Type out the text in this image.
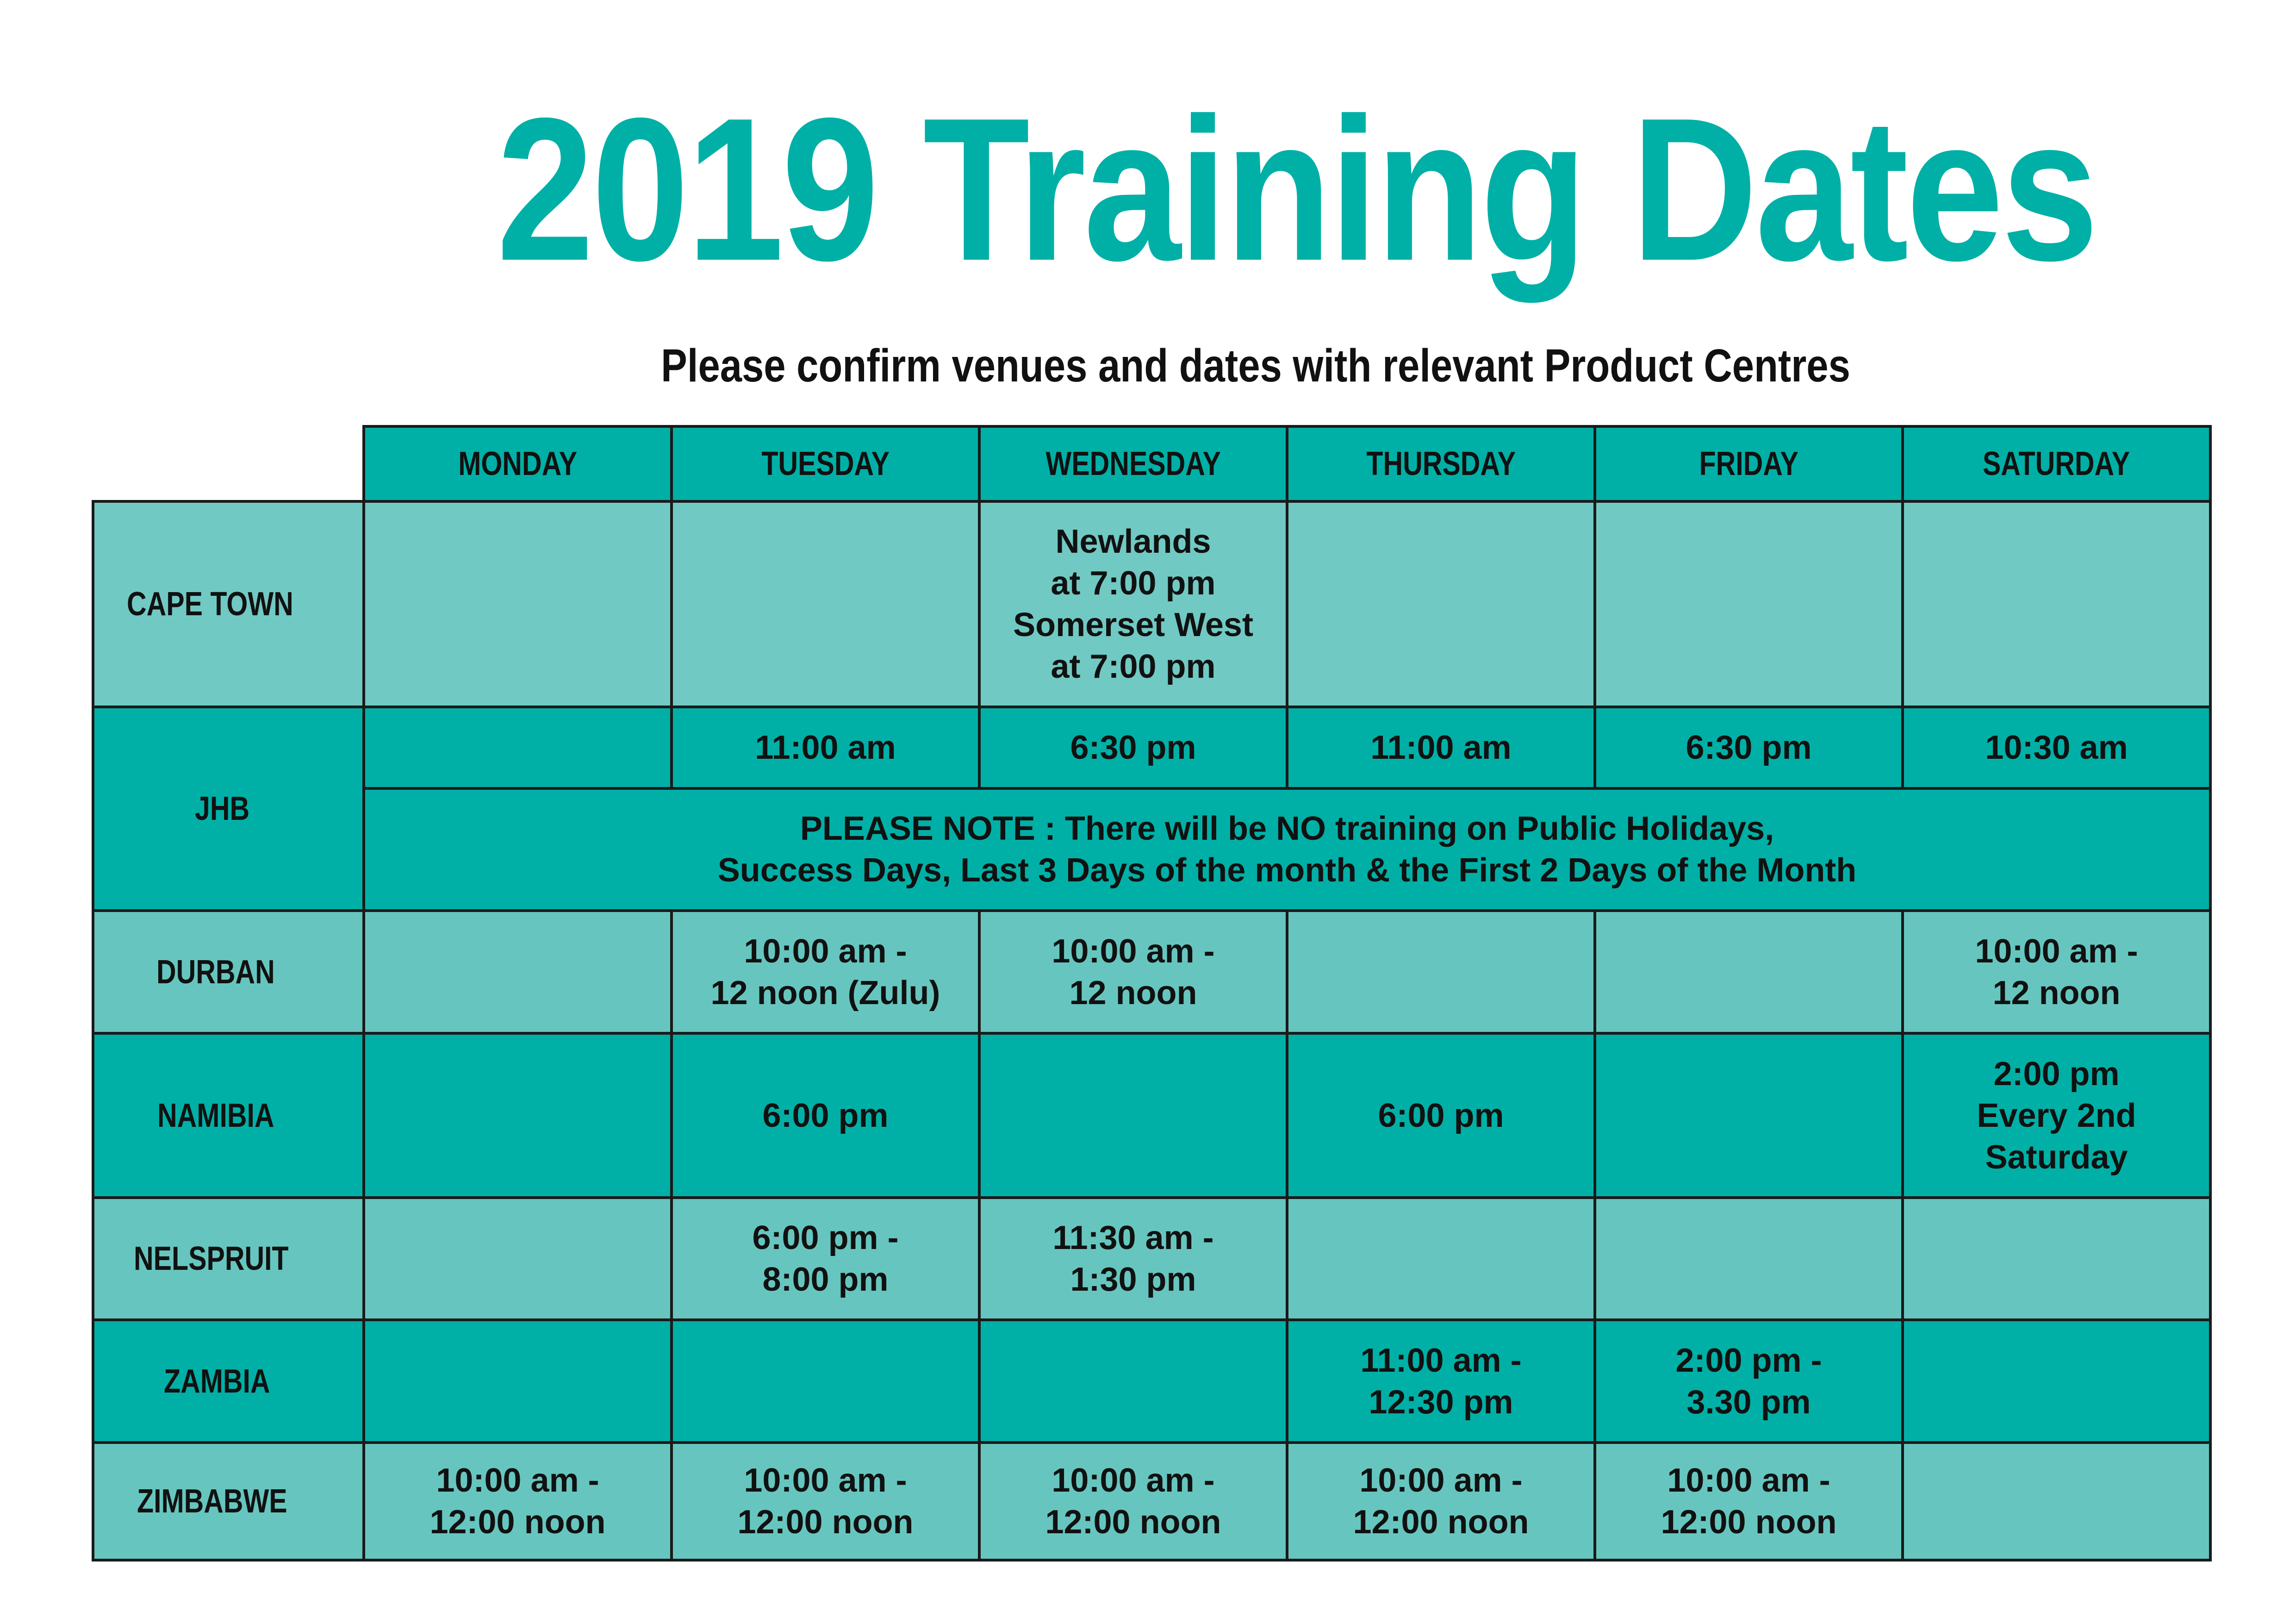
2019 Training Dates
Please confirm venues and dates with relevant Product Centres
	MONDAY	TUESDAY	WEDNESDAY	THURSDAY	FRIDAY	SATURDAY
CAPE TOWN			Newlands
at 7:00 pm
Somerset West
at 7:00 pm			
JHB		11:00 am	6:30 pm	11:00 am	6:30 pm	10:30 am
	PLEASE NOTE : There will be NO training on Public Holidays,
Success Days, Last 3 Days of the month & the First 2 Days of the Month					
DURBAN		10:00 am -
12 noon (Zulu)	10:00 am -
12 noon			10:00 am -
12 noon
NAMIBIA		6:00 pm		6:00 pm		2:00 pm
Every 2nd
Saturday
NELSPRUIT		6:00 pm -
8:00 pm	11:30 am -
1:30 pm			
ZAMBIA				11:00 am -
12:30 pm	2:00 pm -
3.30 pm	
ZIMBABWE	10:00 am -
12:00 noon	10:00 am -
12:00 noon	10:00 am -
12:00 noon	10:00 am -
12:00 noon	10:00 am -
12:00 noon	
